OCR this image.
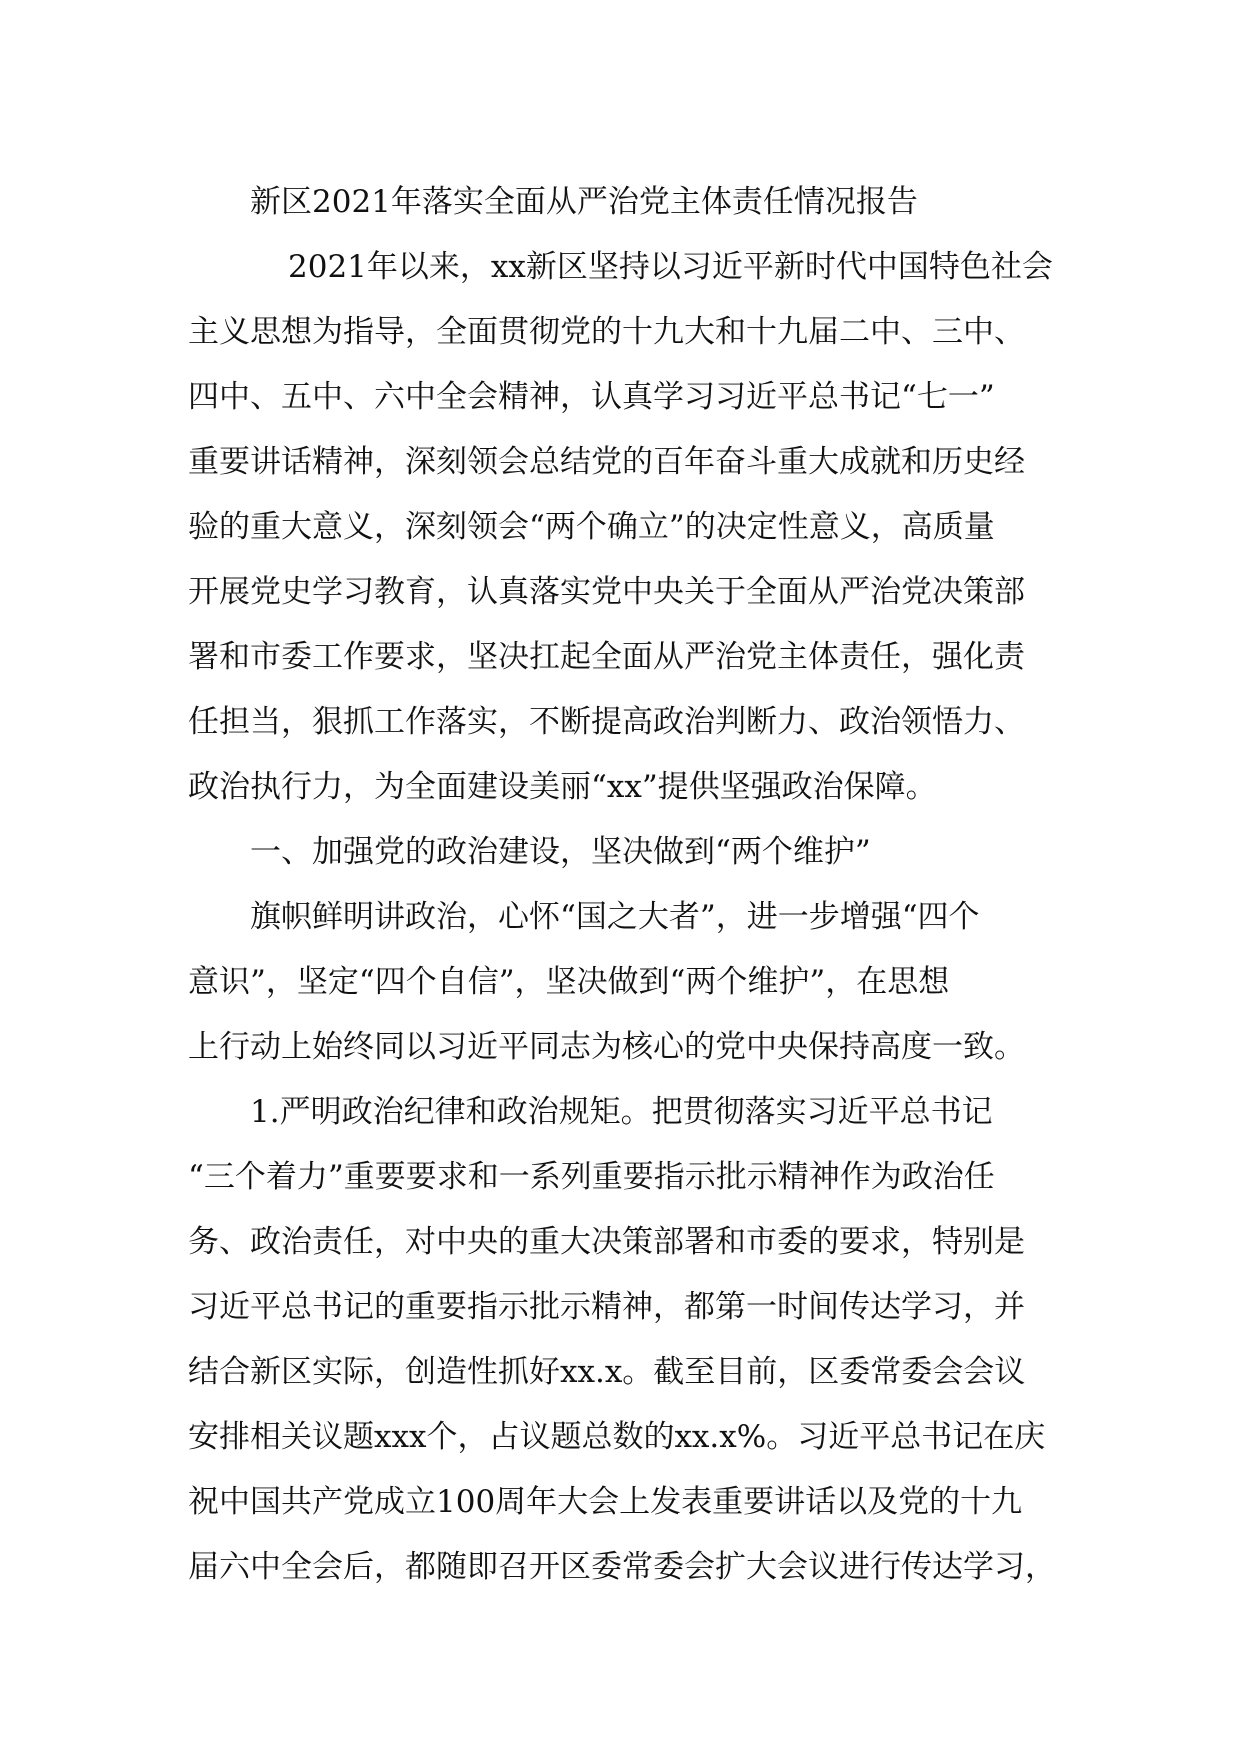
新区2021年落实全面从严治党主体责任情况报告
2021年以来，xx新区坚持以习近平新时代中国特色社会
主义思想为指导，全面贯彻党的十九大和十九届二中、三中、
四中、五中、六中全会精神，认真学习习近平总书记“七一”
重要讲话精神，深刻领会总结党的百年奋斗重大成就和历史经
验的重大意义，深刻领会“两个确立”的决定性意义，高质量
开展党史学习教育，认真落实党中央关于全面从严治党决策部
署和市委工作要求，坚决扛起全面从严治党主体责任，强化责
任担当，狠抓工作落实，不断提高政治判断力、政治领悟力、
政治执行力，为全面建设美丽“xx”提供坚强政治保障。
一、加强党的政治建设，坚决做到“两个维护”
旗帜鲜明讲政治，心怀“国之大者”，进一步增强“四个
意识”，坚定“四个自信”，坚决做到“两个维护”，在思想
上行动上始终同以习近平同志为核心的党中央保持高度一致。
1.严明政治纪律和政治规矩。把贯彻落实习近平总书记
“三个着力”重要要求和一系列重要指示批示精神作为政治任
务、政治责任，对中央的重大决策部署和市委的要求，特别是
习近平总书记的重要指示批示精神，都第一时间传达学习，并
结合新区实际，创造性抓好xx.x。截至目前，区委常委会会议
安排相关议题xxx个，占议题总数的xx.x%。习近平总书记在庆
祝中国共产党成立100周年大会上发表重要讲话以及党的十九
届六中全会后，都随即召开区委常委会扩大会议进行传达学习，
